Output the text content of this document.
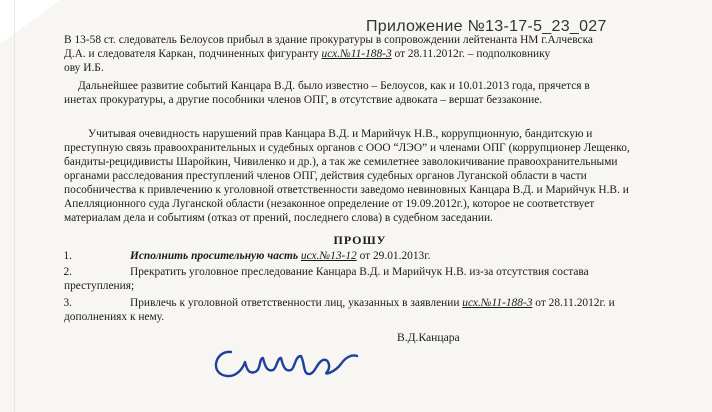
Приложение №13-17-5_23_027
В 13-58 ст. следователь Белоусов прибыл в здание прокуратуры в сопровождении лейтенанта НМ г.Алчевска
Д.А. и следователя Каркан, подчиненных фигуранту исх.№11-188-3 от 28.11.2012г. – подполковнику
ову И.Б.
Дальнейшее развитие событий Канцара В.Д. было известно – Белоусов, как и 10.01.2013 года, прячется в
инетах прокуратуры, а другие пособники членов ОПГ, в отсутствие адвоката – вершат беззаконие.
Учитывая очевидность нарушений прав Канцара В.Д. и Марийчук Н.В., коррупционную, бандитскую и
преступную связь правоохранительных и судебных органов с ООО “ЛЭО” и членами ОПГ (коррупционер Лещенко,
бандиты-рецидивисты Шаройкин, Чивиленко и др.), а так же семилетнее заволокичивание правоохранительными
органами расследования преступлений членов ОПГ, действия судебных органов Луганской области в части
пособничества к привлечению к уголовной ответственности заведомо невиновных Канцара В.Д. и Марийчук Н.В. и
Апелляционного суда Луганской области (незаконное определение от 19.09.2012г.), которое не соответствует
материалам дела и событиям (отказ от прений, последнего слова) в судебном заседании.
ПРОШУ
1.	Исполнить просительную часть исх.№13-12 от 29.01.2013г.
2.	Прекратить уголовное преследование Канцара В.Д. и Марийчук Н.В. из-за отсутствия состава
преступления;
3.	Привлечь к уголовной ответственности лиц, указанных в заявлении исх.№11-188-3 от 28.11.2012г. и
дополнениях к нему.
В.Д.Канцара
